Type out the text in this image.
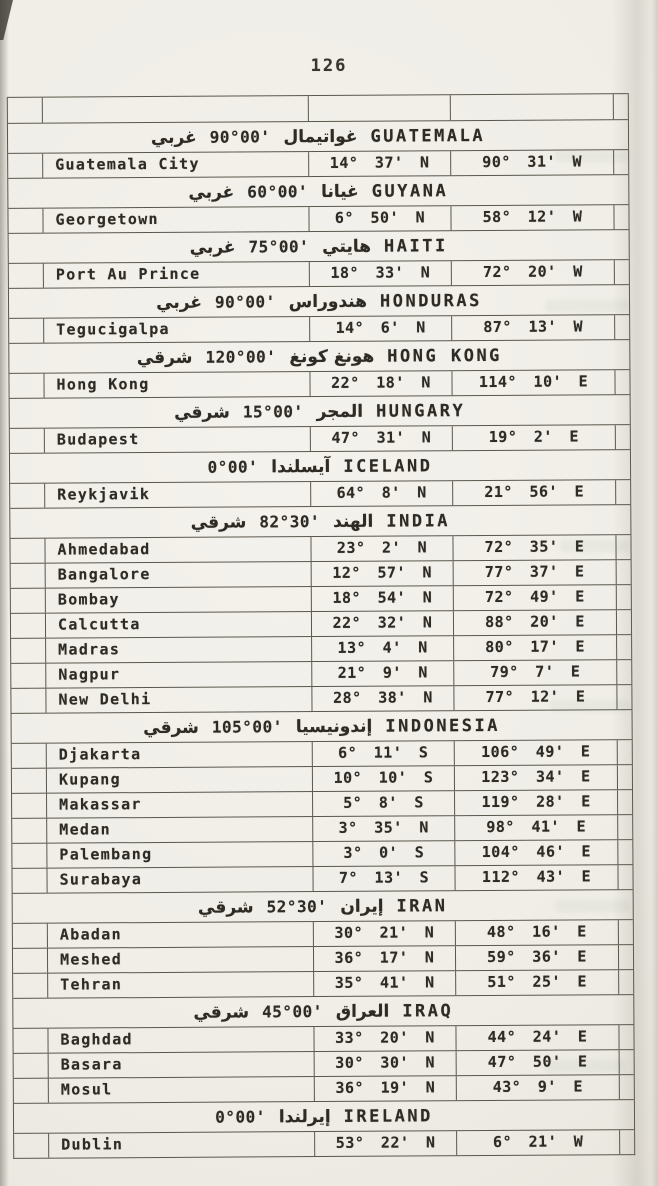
126
غربي 90°00' غواتيمال GUATEMALA
Guatemala City	14° 37' N	90° 31' W
غربي 60°00' غيانا GUYANA
Georgetown	6° 50' N	58° 12' W
غربي 75°00' هايتي HAITI
Port Au Prince	18° 33' N	72° 20' W
غربي 90°00' هندوراس HONDURAS
Tegucigalpa	14° 6' N	87° 13' W
شرقي 120°00' هونغ كونغ HONG KONG
Hong Kong	22° 18' N	114° 10' E
شرقي 15°00' المجر HUNGARY
Budapest	47° 31' N	19° 2' E
0°00' آيسلندا ICELAND
Reykjavik	64° 8' N	21° 56' E
شرقي 82°30' الهند INDIA
Ahmedabad	23° 2' N	72° 35' E
Bangalore	12° 57' N	77° 37' E
Bombay	18° 54' N	72° 49' E
Calcutta	22° 32' N	88° 20' E
Madras	13° 4' N	80° 17' E
Nagpur	21° 9' N	79° 7' E
New Delhi	28° 38' N	77° 12' E
شرقي 105°00' إندونيسيا INDONESIA
Djakarta	6° 11' S	106° 49' E
Kupang	10° 10' S	123° 34' E
Makassar	5° 8' S	119° 28' E
Medan	3° 35' N	98° 41' E
Palembang	3° 0' S	104° 46' E
Surabaya	7° 13' S	112° 43' E
شرقي 52°30' إيران IRAN
Abadan	30° 21' N	48° 16' E
Meshed	36° 17' N	59° 36' E
Tehran	35° 41' N	51° 25' E
شرقي 45°00' العراق IRAQ
Baghdad	33° 20' N	44° 24' E
Basara	30° 30' N	47° 50' E
Mosul	36° 19' N	43° 9' E
0°00' إيرلندا IRELAND
Dublin	53° 22' N	6° 21' W
